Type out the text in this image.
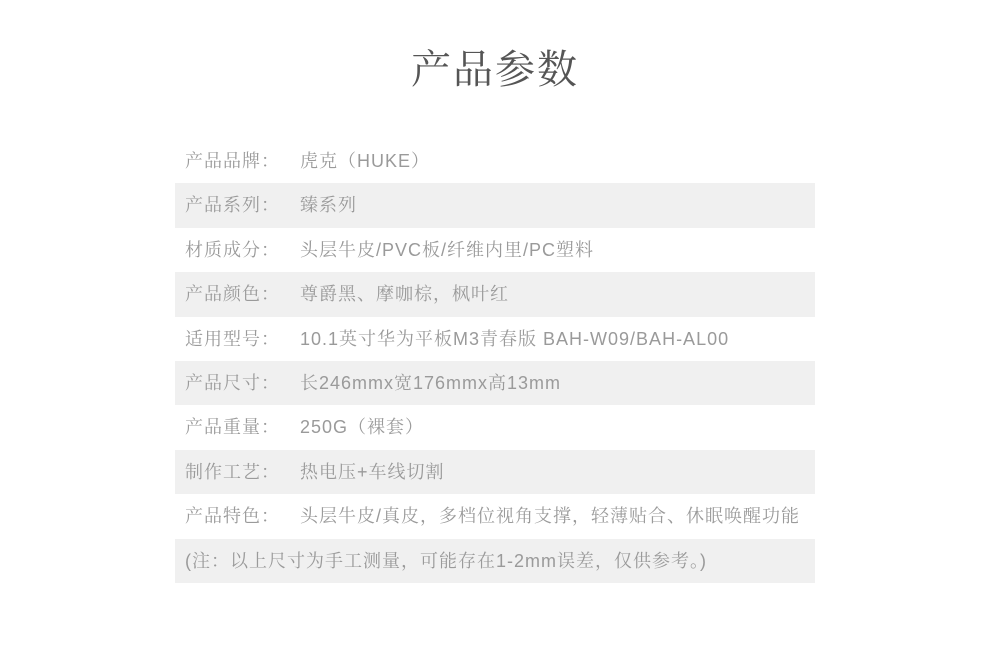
产品参数
产品品牌： 虎克（HUKE）
产品系列： 臻系列
材质成分： 头层牛皮/PVC板/纤维内里/PC塑料
产品颜色： 尊爵黑、摩咖棕，枫叶红
适用型号： 10.1英寸华为平板M3青春版 BAH-W09/BAH-AL00
产品尺寸： 长246mmx宽176mmx高13mm
产品重量： 250G（裸套）
制作工艺： 热电压+车线切割
产品特色： 头层牛皮/真皮，多档位视角支撑，轻薄贴合、休眠唤醒功能
(注：以上尺寸为手工测量，可能存在1-2mm误差，仅供参考。)
